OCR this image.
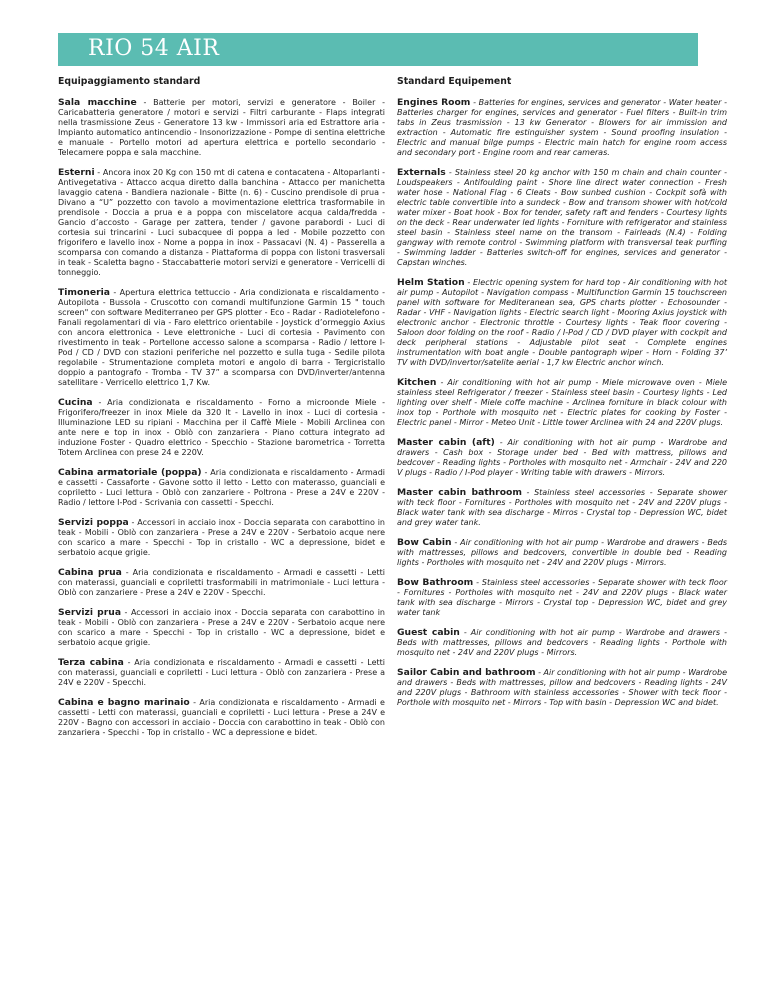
RIO 54 AIR
Equipaggiamento standard

Sala macchine - Batterie per motori, servizi e generatore - Boiler - Caricabatteria generatore / motori e servizi - Filtri carburante - Flaps integrati nella trasmissione Zeus - Generatore 13 kw - Immissori aria ed Estrattore aria - Impianto automatico antincendio - Insonorizzazione - Pompe di sentina elettriche e manuale - Portello motori ad apertura elettrica e portello secondario - Telecamere poppa e sala macchine.

Esterni - Ancora inox 20 Kg con 150 mt di catena e contacatena - Altoparlanti - Antivegetativa - Attacco acqua diretto dalla banchina - Attacco per manichetta lavaggio catena - Bandiera nazionale - Bitte (n. 6) - Cuscino prendisole di prua - Divano a “U” pozzetto con tavolo a movimentazione elettrica trasformabile in prendisole - Doccia a prua e a poppa con miscelatore acqua calda/fredda - Gancio d’accosto - Garage per zattera, tender / gavone parabordi - Luci di cortesia sui trincarini - Luci subacquee di poppa a led - Mobile pozzetto con frigorifero e lavello inox - Nome a poppa in inox - Passacavi (N. 4) - Passerella a scomparsa con comando a distanza - Piattaforma di poppa con listoni trasversali in teak - Scaletta bagno - Staccabatterie motori servizi e generatore - Verricelli di tonneggio.

Timoneria - Apertura elettrica tettuccio - Aria condizionata e riscaldamento - Autopilota - Bussola - Cruscotto con comandi multifunzione Garmin 15 " touch screen" con software Mediterraneo per GPS plotter - Eco - Radar - Radiotelefono - Fanali regolamentari di via - Faro elettrico orientabile - Joystick d’ormeggio Axius con ancora elettronica - Leve elettroniche - Luci di cortesia - Pavimento con rivestimento in teak - Portellone accesso salone a scomparsa - Radio / lettore I-Pod / CD / DVD con stazioni periferiche nel pozzetto e sulla tuga - Sedile pilota regolabile - Strumentazione completa motori e angolo di barra - Tergicristallo doppio a pantografo - Tromba - TV 37” a scomparsa con DVD/inverter/antenna satellitare - Verricello elettrico 1,7 Kw.

Cucina - Aria condizionata e riscaldamento - Forno a microonde Miele - Frigorifero/freezer in inox Miele da 320 lt - Lavello in inox - Luci di cortesia - Illuminazione LED su ripiani - Macchina per il Caffè Miele - Mobili Arclinea con ante nere e top in inox - Oblò con zanzariera - Piano cottura integrato ad induzione Foster - Quadro elettrico - Specchio - Stazione barometrica - Torretta Totem Arclinea con prese 24 e 220V.

Cabina armatoriale (poppa) - Aria condizionata e riscaldamento - Armadi e cassetti - Cassaforte - Gavone sotto il letto - Letto con materasso, guanciali e copriletto - Luci lettura - Oblò con zanzariere - Poltrona - Prese a 24V e 220V - Radio / lettore I-Pod - Scrivania con cassetti - Specchi.

Servizi poppa - Accessori in acciaio inox - Doccia separata con carabottino in teak - Mobili - Oblò con zanzariera - Prese a 24V e 220V - Serbatoio acque nere con scarico a mare - Specchi - Top in cristallo - WC a depressione, bidet e serbatoio acque grigie.

Cabina prua - Aria condizionata e riscaldamento - Armadi e cassetti - Letti con materassi, guanciali e copriletti trasformabili in matrimoniale - Luci lettura - Oblò con zanzariere - Prese a 24V e 220V - Specchi.

Servizi prua - Accessori in acciaio inox - Doccia separata con carabottino in teak - Mobili - Oblò con zanzariera - Prese a 24V e 220V - Serbatoio acque nere con scarico a mare - Specchi - Top in cristallo - WC a depressione, bidet e serbatoio acque grigie.

Terza cabina - Aria condizionata e riscaldamento - Armadi e cassetti - Letti con materassi, guanciali e copriletti - Luci lettura - Oblò con zanzariera - Prese a 24V e 220V - Specchi.

Cabina e bagno marinaio - Aria condizionata e riscaldamento - Armadi e cassetti - Letti con materassi, guanciali e copriletti - Luci lettura - Prese a 24V e 220V - Bagno con accessori in acciaio - Doccia con carabottino in teak - Oblò con zanzariera - Specchi - Top in cristallo - WC a depressione e bidet.

Standard Equipement

Engines Room - Batteries for engines, services and generator - Water heater - Batteries charger for engines, services and generator - Fuel filters - Built-in trim tabs in Zeus trasmission - 13 kw Generator - Blowers for air immission and extraction - Automatic fire estinguisher system - Sound proofing insulation - Electric and manual bilge pumps - Electric main hatch for engine room access and secondary port - Engine room and rear cameras.

Externals - Stainless steel 20 kg anchor with 150 m chain and chain counter - Loudspeakers - Antifoulding paint - Shore line direct water connection - Fresh water hose - National Flag - 6 Cleats - Bow sunbed cushion - Cockpit sofà with electric table convertible into a sundeck - Bow and transom shower with hot/cold water mixer - Boat hook - Box for tender, safety raft and fenders - Courtesy lights on the deck - Rear underwater led lights - Forniture with refrigerator and stainless steel basin - Stainless steel name on the transom - Fairleads (N.4) - Folding gangway with remote control - Swimming platform with transversal teak purfling - Swimming ladder - Batteries switch-off for engines, services and generator - Capstan winches.

Helm Station - Electric opening system for hard top - Air conditioning with hot air pump - Autopilot - Navigation compass - Multifunction Garmin 15 touchscreen panel with software for Mediteranean sea, GPS charts plotter - Echosounder - Radar - VHF - Navigation lights - Electric search light - Mooring Axius joystick with electronic anchor - Electronic throttle - Courtesy lights - Teak floor covering - Saloon door folding on the roof - Radio / I-Pod / CD / DVD player with cockpit and deck peripheral stations - Adjustable pilot seat - Complete engines instrumentation with boat angle - Double pantograph wiper - Horn - Folding 37’ TV with DVD/invertor/satelite aerial - 1,7 kw Electric anchor winch.

Kitchen - Air conditioning with hot air pump - Miele microwave oven - Miele stainless steel Refrigerator / freezer - Stainless steel basin - Courtesy lights - Led lighting over shelf - Miele coffe machine - Arclinea forniture in black colour with inox top - Porthole with mosquito net - Electric plates for cooking by Foster - Electric panel - Mirror - Meteo Unit - Little tower Arclinea with 24 and 220V plugs.

Master cabin (aft) - Air conditioning with hot air pump - Wardrobe and drawers - Cash box - Storage under bed - Bed with mattress, pillows and bedcover - Reading lights - Portholes with mosquito net - Armchair - 24V and 220 V plugs - Radio / I-Pod player - Writing table with drawers - Mirrors.

Master cabin bathroom - Stainless steel accessories - Separate shower with teck floor - Fornitures - Portholes with mosquito net - 24V and 220V plugs - Black water tank with sea discharge - Mirros - Crystal top - Depression WC, bidet and grey water tank.

Bow Cabin - Air conditioning with hot air pump - Wardrobe and drawers - Beds with mattresses, pillows and bedcovers, convertible in double bed - Reading lights - Portholes with mosquito net - 24V and 220V plugs - Mirrors.

Bow Bathroom - Stainless steel accessories - Separate shower with teck floor - Fornitures - Portholes with mosquito net - 24V and 220V plugs - Black water tank with sea discharge - Mirrors - Crystal top - Depression WC, bidet and grey water tank

Guest cabin - Air conditioning with hot air pump - Wardrobe and drawers - Beds with mattresses, pillows and bedcovers - Reading lights - Porthole with mosquito net - 24V and 220V plugs - Mirrors.

Sailor Cabin and bathroom - Air conditioning with hot air pump - Wardrobe and drawers - Beds with mattresses, pillow and bedcovers - Reading lights - 24V and 220V plugs - Bathroom with stainless accessories - Shower with teck floor - Porthole with mosquito net - Mirrors - Top with basin - Depression WC and bidet.
